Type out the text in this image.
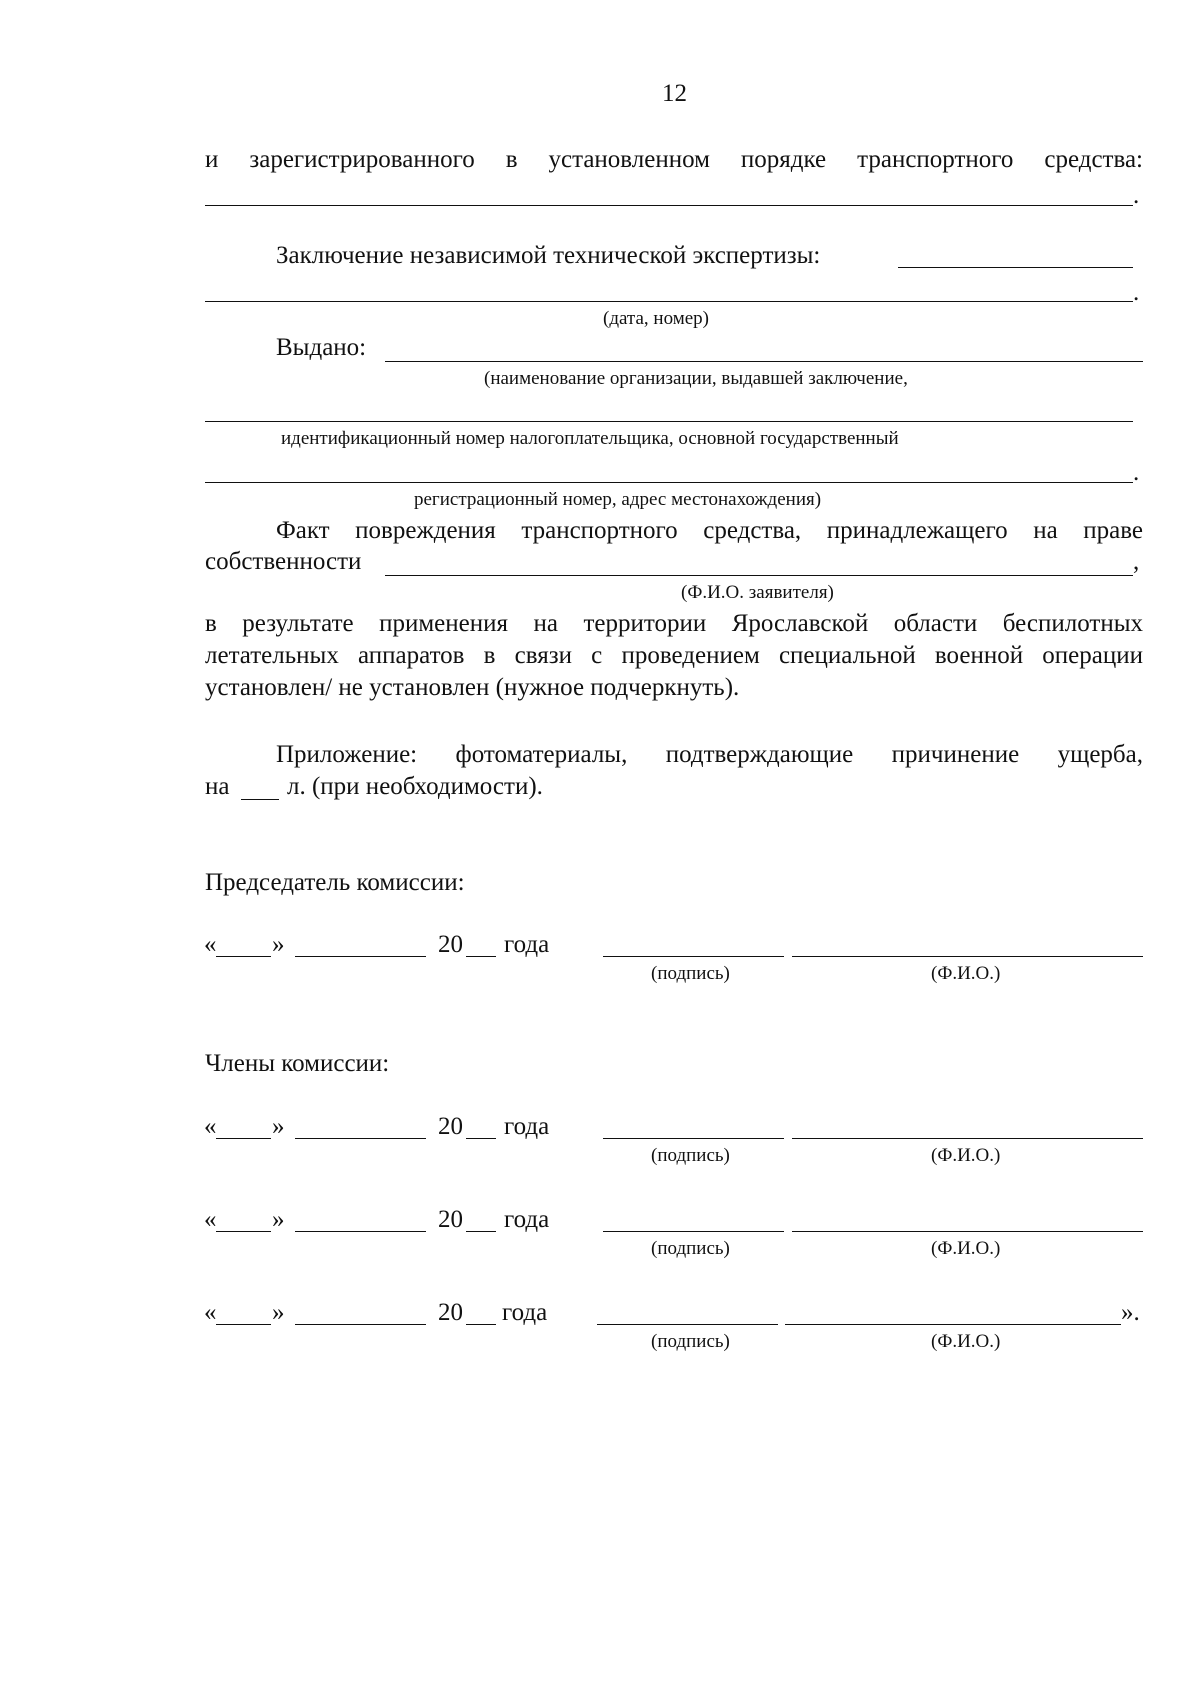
12
и зарегистрированного в установленном порядке транспортного средства:
.
Заключение независимой технической экспертизы:
.
(дата, номер)
Выдано:
(наименование организации, выдавшей заключение,
идентификационный номер налогоплательщика, основной государственный
.
регистрационный номер, адрес местонахождения)
Факт повреждения транспортного средства, принадлежащего на праве
собственности	,
(Ф.И.О. заявителя)
в результате применения на территории Ярославской области беспилотных
летательных аппаратов в связи с проведением специальной военной операции
установлен/ не установлен (нужное подчеркнуть).
Приложение: фотоматериалы, подтверждающие причинение ущерба,
на л. (при необходимости).
Председатель комиссии:
« »	20 года
(подпись)	(Ф.И.О.)
Члены комиссии:
« »	20 года
(подпись)	(Ф.И.О.)
« »	20 года
(подпись)	(Ф.И.О.)
« »	20 года	».
(подпись)	(Ф.И.О.)
